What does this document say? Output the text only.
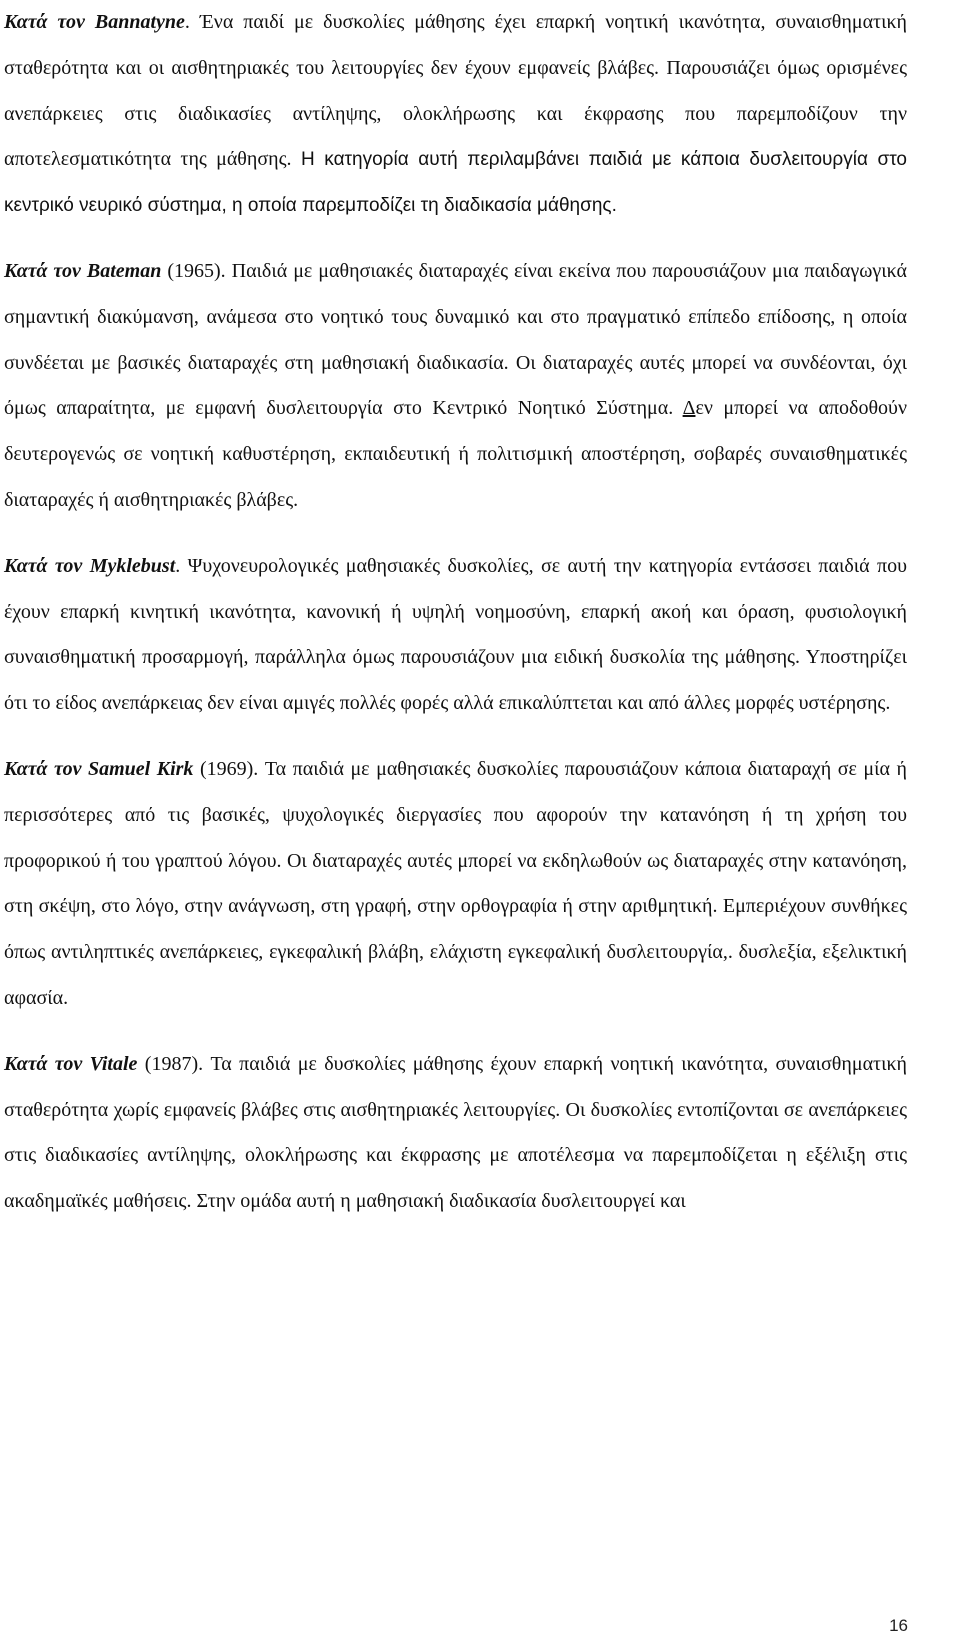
Κατά τον Bannatyne. Ένα παιδί με δυσκολίες μάθησης έχει επαρκή νοητική ικανότητα, συναισθηματική σταθερότητα και οι αισθητηριακές του λειτουργίες δεν έχουν εμφανείς βλάβες. Παρουσιάζει όμως ορισμένες ανεπάρκειες στις διαδικασίες αντίληψης, ολοκλήρωσης και έκφρασης που παρεμποδίζουν την αποτελεσματικότητα της μάθησης. Η κατηγορία αυτή περιλαμβάνει παιδιά με κάποια δυσλειτουργία στο κεντρικό νευρικό σύστημα, η οποία παρεμποδίζει τη διαδικασία μάθησης.

Κατά τον Bateman (1965). Παιδιά με μαθησιακές διαταραχές είναι εκείνα που παρουσιάζουν μια παιδαγωγικά σημαντική διακύμανση, ανάμεσα στο νοητικό τους δυναμικό και στο πραγματικό επίπεδο επίδοσης, η οποία συνδέεται με βασικές διαταραχές στη μαθησιακή διαδικασία. Οι διαταραχές αυτές μπορεί να συνδέονται, όχι όμως απαραίτητα, με εμφανή δυσλειτουργία στο Κεντρικό Νοητικό Σύστημα. Δεν μπορεί να αποδοθούν δευτερογενώς σε νοητική καθυστέρηση, εκπαιδευτική ή πολιτισμική αποστέρηση, σοβαρές συναισθηματικές διαταραχές ή αισθητηριακές βλάβες.

Κατά τον Myklebust. Ψυχονευρολογικές μαθησιακές δυσκολίες, σε αυτή την κατηγορία εντάσσει παιδιά που έχουν επαρκή κινητική ικανότητα, κανονική ή υψηλή νοημοσύνη, επαρκή ακοή και όραση, φυσιολογική συναισθηματική προσαρμογή, παράλληλα όμως παρουσιάζουν μια ειδική δυσκολία της μάθησης. Υποστηρίζει ότι το είδος ανεπάρκειας δεν είναι αμιγές πολλές φορές αλλά επικαλύπτεται και από άλλες μορφές υστέρησης.

Κατά τον Samuel Kirk (1969). Τα παιδιά με μαθησιακές δυσκολίες παρουσιάζουν κάποια διαταραχή σε μία ή περισσότερες από τις βασικές, ψυχολογικές διεργασίες που αφορούν την κατανόηση ή τη χρήση του προφορικού ή του γραπτού λόγου. Οι διαταραχές αυτές μπορεί να εκδηλωθούν ως διαταραχές στην κατανόηση, στη σκέψη, στο λόγο, στην ανάγνωση, στη γραφή, στην ορθογραφία ή στην αριθμητική. Εμπεριέχουν συνθήκες όπως αντιληπτικές ανεπάρκειες, εγκεφαλική βλάβη, ελάχιστη εγκεφαλική δυσλειτουργία,. δυσλεξία, εξελικτική αφασία.

Κατά τον Vitale (1987). Τα παιδιά με δυσκολίες μάθησης έχουν επαρκή νοητική ικανότητα, συναισθηματική σταθερότητα χωρίς εμφανείς βλάβες στις αισθητηριακές λειτουργίες. Οι δυσκολίες εντοπίζονται σε ανεπάρκειες στις διαδικασίες αντίληψης, ολοκλήρωσης και έκφρασης με αποτέλεσμα να παρεμποδίζεται η εξέλιξη στις ακαδημαϊκές μαθήσεις. Στην ομάδα αυτή η μαθησιακή διαδικασία δυσλειτουργεί και

16
